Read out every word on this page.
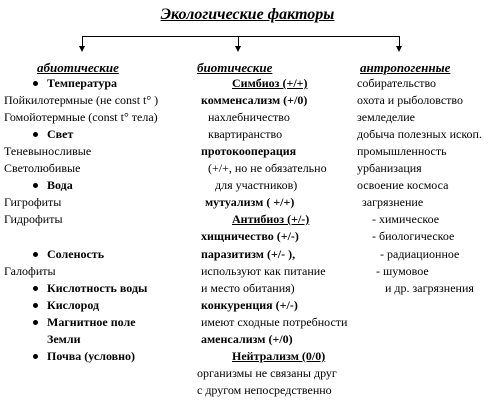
Экологические факторы
абиотические	биотические	антропогенные
Температура
Пойкилотермные (не const t° )
Гомойотермные (const t° тела)
Свет
Теневыносливые
Светолюбивые
Вода
Гигрофиты
Гидрофиты
Соленость
Галофиты
Кислотность воды
Кислород
Магнитное поле
Земли
Почва (условно)
Симбиоз (+/+)
комменсализм (+/0)
нахлебничество
квартиранство
протокооперация
(+/+, но не обязательно
для участников)
мутуализм ( +/+)
Антибиоз (+/-)
хищничество (+/-)
паразитизм (+/- ),
используют как питание
и место обитания)
конкуренция (+/-)
имеют сходные потребности
аменсализм (+/0)
Нейтрализм (0/0)
организмы не связаны друг
с другом непосредственно
собирательство
охота и рыболовство
земледелие
добыча полезных ископ.
промышленность
урбанизация
освоение космоса
загрязнение
- химическое
- биологическое
- радиационное
- шумовое
и др. загрязнения
